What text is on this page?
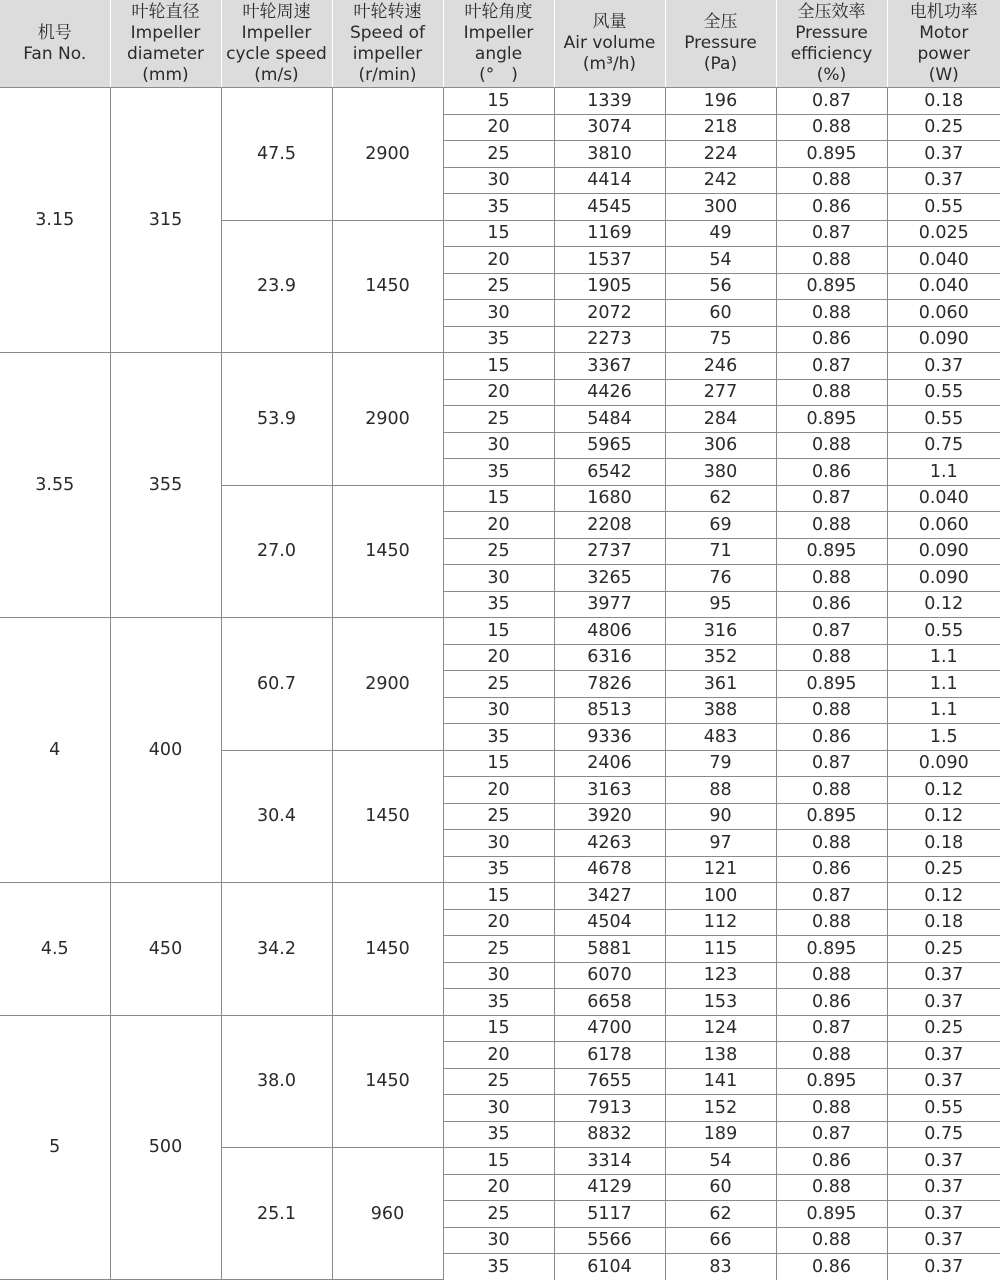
机号
Fan No.	叶轮直径
Impeller
diameter
(mm)	叶轮周速
Impeller
cycle speed
(m/s)	叶轮转速
Speed of
impeller
(r/min)	叶轮角度
Impeller
angle
(°　)	风量
Air volume
(m³/h)	全压
Pressure
(Pa)	全压效率
Pressure
efficiency
(%)	电机功率
Motor
power
(W)

3.15	315	47.5	2900	15	1339	196	0.87	0.18
				20	3074	218	0.88	0.25
				25	3810	224	0.895	0.37
				30	4414	242	0.88	0.37
				35	4545	300	0.86	0.55
		23.9	1450	15	1169	49	0.87	0.025
				20	1537	54	0.88	0.040
				25	1905	56	0.895	0.040
				30	2072	60	0.88	0.060
				35	2273	75	0.86	0.090
3.55	355	53.9	2900	15	3367	246	0.87	0.37
				20	4426	277	0.88	0.55
				25	5484	284	0.895	0.55
				30	5965	306	0.88	0.75
				35	6542	380	0.86	1.1
		27.0	1450	15	1680	62	0.87	0.040
				20	2208	69	0.88	0.060
				25	2737	71	0.895	0.090
				30	3265	76	0.88	0.090
				35	3977	95	0.86	0.12
4	400	60.7	2900	15	4806	316	0.87	0.55
				20	6316	352	0.88	1.1
				25	7826	361	0.895	1.1
				30	8513	388	0.88	1.1
				35	9336	483	0.86	1.5
		30.4	1450	15	2406	79	0.87	0.090
				20	3163	88	0.88	0.12
				25	3920	90	0.895	0.12
				30	4263	97	0.88	0.18
				35	4678	121	0.86	0.25
4.5	450	34.2	1450	15	3427	100	0.87	0.12
				20	4504	112	0.88	0.18
				25	5881	115	0.895	0.25
				30	6070	123	0.88	0.37
				35	6658	153	0.86	0.37
5	500	38.0	1450	15	4700	124	0.87	0.25
				20	6178	138	0.88	0.37
				25	7655	141	0.895	0.37
				30	7913	152	0.88	0.55
				35	8832	189	0.87	0.75
		25.1	960	15	3314	54	0.86	0.37
				20	4129	60	0.88	0.37
				25	5117	62	0.895	0.37
				30	5566	66	0.88	0.37
				35	6104	83	0.86	0.37
